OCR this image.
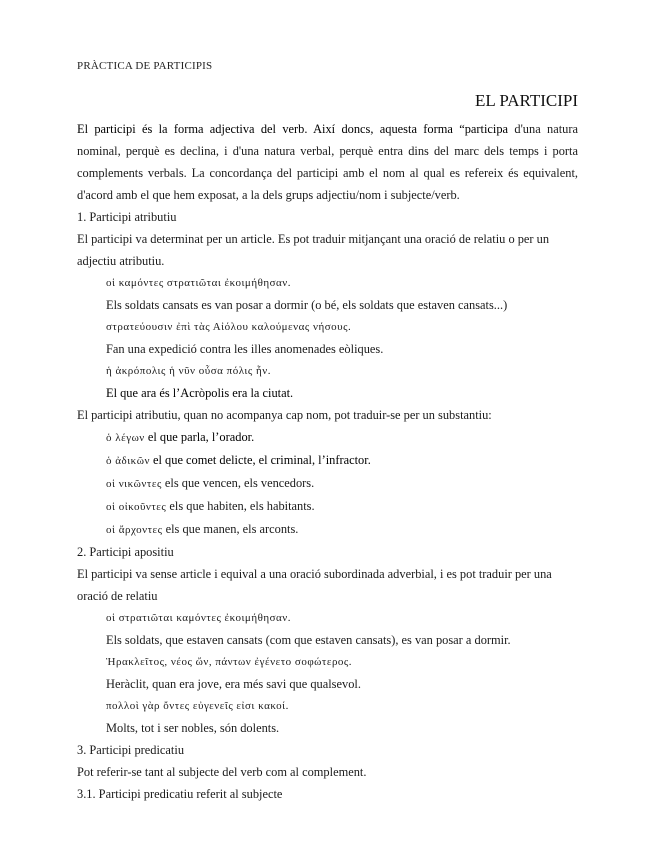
PRÀCTICA DE PARTICIPIS
EL PARTICIPI

El participi és la forma adjectiva del verb. Així doncs, aquesta forma “participa d'una natura nominal, perquè es declina, i d'una natura verbal, perquè entra dins del marc dels temps i porta complements verbals. La concordança del participi amb el nom al qual es refereix és equivalent, d'acord amb el que hem exposat, a la dels grups adjectiu/nom i subjecte/verb.

1. Participi atributiu

El participi va determinat per un article. Es pot traduir mitjançant una oració de relatiu o per un adjectiu atributiu.

οἱ καμόντες στρατιῶται ἐκοιμήθησαν.

Els soldats cansats es van posar a dormir (o bé, els soldats que estaven cansats...)

στρατεύουσιν ἐπὶ τὰς Αἰόλου καλούμενας νήσους.

Fan una expedició contra les illes anomenades eòliques.

ἡ ἀκρόπολις ἡ νῦν οὖσα πόλις ἦν.

El que ara és l’Acròpolis era la ciutat.

El participi atributiu, quan no acompanya cap nom, pot traduir-se per un substantiu:

ὁ λέγων el que parla, l’orador.

ὁ ἀδικῶν el que comet delicte, el criminal, l’infractor.

οἱ νικῶντες els que vencen, els vencedors.

οἱ οἰκοῦντες els que habiten, els habitants.

οἱ ἄρχοντες els que manen, els arconts.

2. Participi apositiu

El participi va sense article i equival a una oració subordinada adverbial, i es pot traduir per una oració de relatiu

οἱ στρατιῶται καμόντες ἐκοιμήθησαν.

Els soldats, que estaven cansats (com que estaven cansats), es van posar a dormir.

Ἡρακλεῖτος, νέος ὤν, πάντων ἐγένετο σοφώτερος.

Heràclit, quan era jove, era més savi que qualsevol.

πολλοὶ γὰρ ὄντες εὐγενεῖς εἰσι κακοί.

Molts, tot i ser nobles, són dolents.

3. Participi predicatiu

Pot referir-se tant al subjecte del verb com al complement.

3.1. Participi predicatiu referit al subjecte
